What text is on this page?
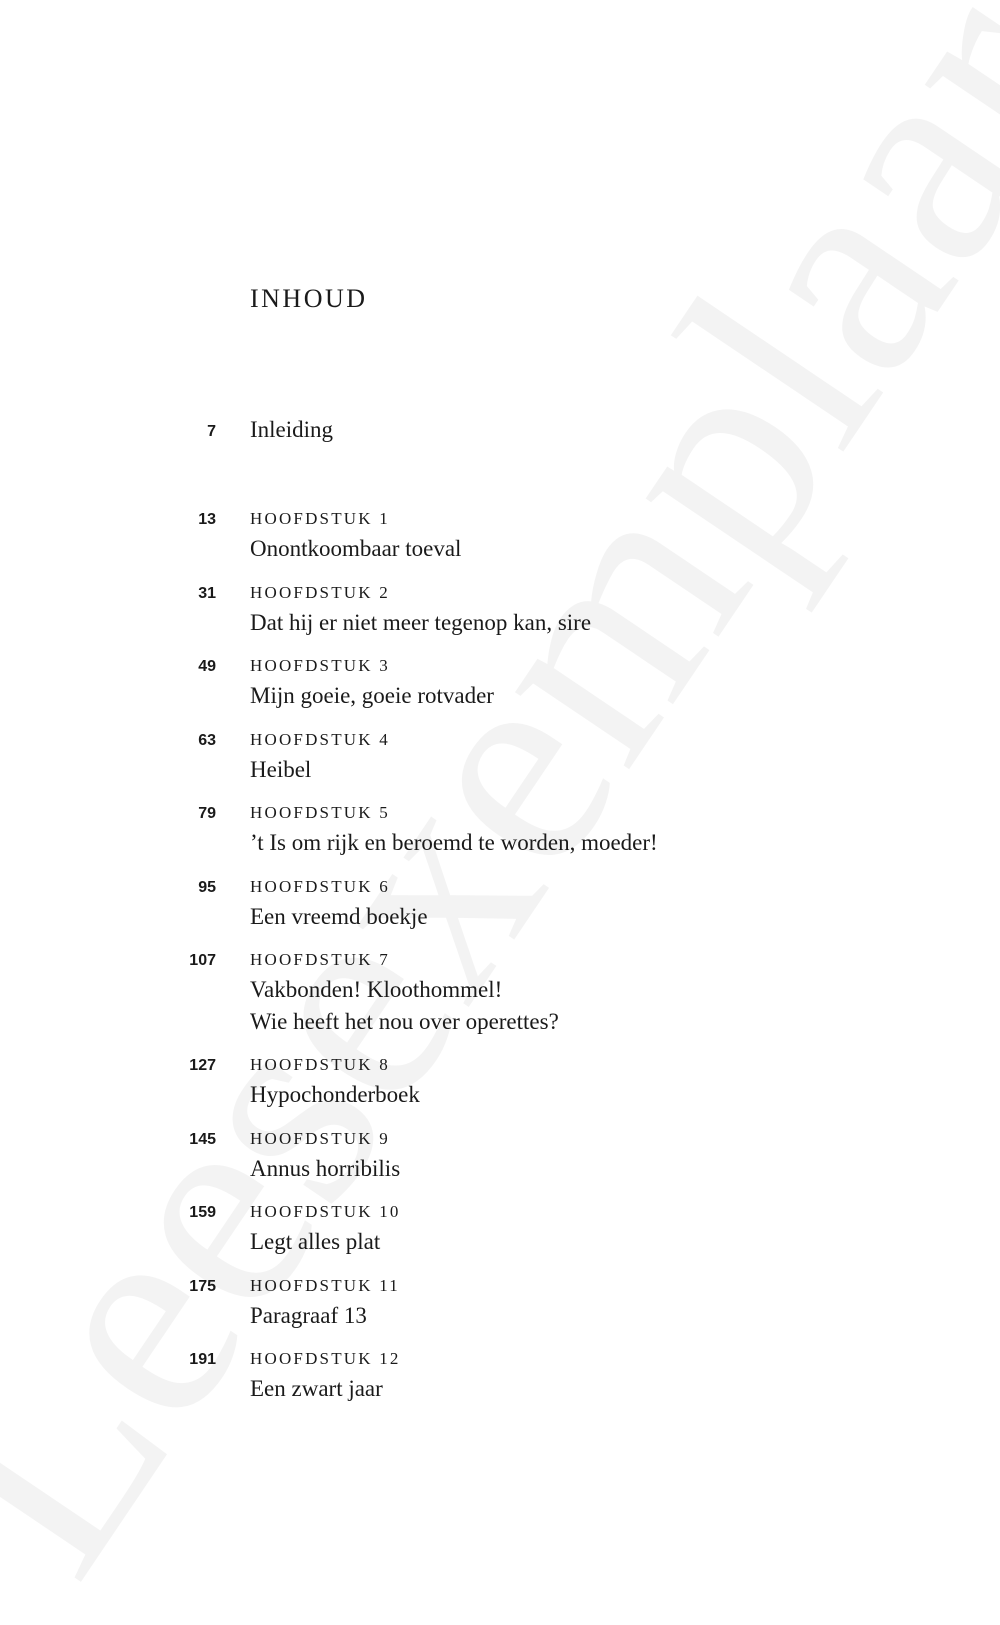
INHOUD
7 Inleiding
13 HOOFDSTUK 1
Onontkoombaar toeval
31 HOOFDSTUK 2
Dat hij er niet meer tegenop kan, sire
49 HOOFDSTUK 3
Mijn goeie, goeie rotvader
63 HOOFDSTUK 4
Heibel
79 HOOFDSTUK 5
’t Is om rijk en beroemd te worden, moeder!
95 HOOFDSTUK 6
Een vreemd boekje
107 HOOFDSTUK 7
Vakbonden! Kloothommel!
Wie heeft het nou over operettes?
127 HOOFDSTUK 8
Hypochonderboek
145 HOOFDSTUK 9
Annus horribilis
159 HOOFDSTUK 10
Legt alles plat
175 HOOFDSTUK 11
Paragraaf 13
191 HOOFDSTUK 12
Een zwart jaar
